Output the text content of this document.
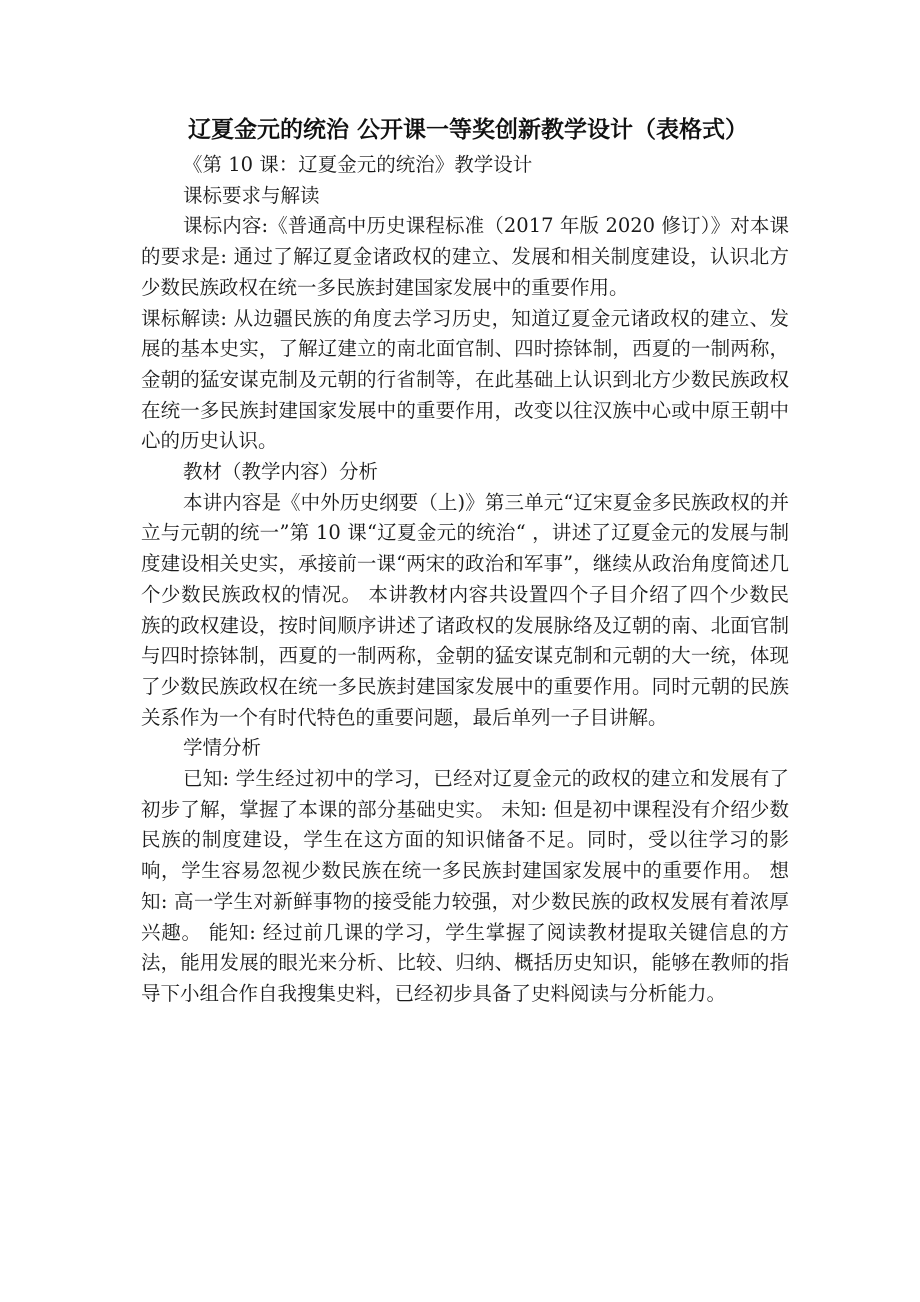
辽夏金元的统治 公开课一等奖创新教学设计（表格式）

《第 10 课：辽夏金元的统治》教学设计

课标要求与解读

课标内容:《普通高中历史课程标准（2017 年版 2020 修订）》对本课的要求是: 通过了解辽夏金诸政权的建立、发展和相关制度建设，认识北方少数民族政权在统一多民族封建国家发展中的重要作用。

课标解读: 从边疆民族的角度去学习历史，知道辽夏金元诸政权的建立、发展的基本史实，了解辽建立的南北面官制、四时捺钵制，西夏的一制两称，金朝的猛安谋克制及元朝的行省制等，在此基础上认识到北方少数民族政权在统一多民族封建国家发展中的重要作用，改变以往汉族中心或中原王朝中心的历史认识。

教材（教学内容）分析

本讲内容是《中外历史纲要（上)》第三单元“辽宋夏金多民族政权的并立与元朝的统一”第 10 课“辽夏金元的统治“ ，讲述了辽夏金元的发展与制度建设相关史实，承接前一课“两宋的政治和军事”，继续从政治角度简述几个少数民族政权的情况。 本讲教材内容共设置四个子目介绍了四个少数民族的政权建设，按时间顺序讲述了诸政权的发展脉络及辽朝的南、北面官制与四时捺钵制，西夏的一制两称，金朝的猛安谋克制和元朝的大一统，体现了少数民族政权在统一多民族封建国家发展中的重要作用。同时元朝的民族关系作为一个有时代特色的重要问题，最后单列一子目讲解。

学情分析

已知: 学生经过初中的学习，已经对辽夏金元的政权的建立和发展有了初步了解，掌握了本课的部分基础史实。 未知: 但是初中课程没有介绍少数民族的制度建设，学生在这方面的知识储备不足。同时，受以往学习的影响，学生容易忽视少数民族在统一多民族封建国家发展中的重要作用。 想知: 高一学生对新鲜事物的接受能力较强，对少数民族的政权发展有着浓厚兴趣。 能知: 经过前几课的学习，学生掌握了阅读教材提取关键信息的方法，能用发展的眼光来分析、比较、归纳、概括历史知识，能够在教师的指导下小组合作自我搜集史料，已经初步具备了史料阅读与分析能力。
